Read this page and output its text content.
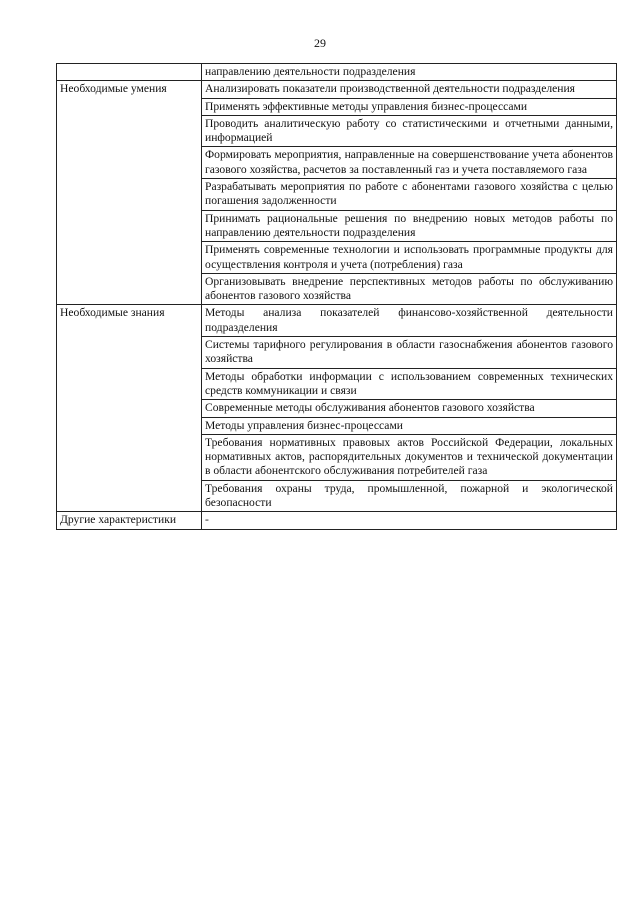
29
	направлению деятельности подразделения
Необходимые умения	Анализировать показатели производственной деятельности подразделения
	Применять эффективные методы управления бизнес-процессами
	Проводить аналитическую работу со статистическими и отчетными данными, информацией
	Формировать мероприятия, направленные на совершенствование учета абонентов газового хозяйства, расчетов за поставленный газ и учета поставляемого газа
	Разрабатывать мероприятия по работе с абонентами газового хозяйства с целью погашения задолженности
	Принимать рациональные решения по внедрению новых методов работы по направлению деятельности подразделения
	Применять современные технологии и использовать программные продукты для осуществления контроля и учета (потребления) газа
	Организовывать внедрение перспективных методов работы по обслуживанию абонентов газового хозяйства
Необходимые знания	Методы анализа показателей финансово-хозяйственной деятельности подразделения
	Системы тарифного регулирования в области газоснабжения абонентов газового хозяйства
	Методы обработки информации с использованием современных технических средств коммуникации и связи
	Современные методы обслуживания абонентов газового хозяйства
	Методы управления бизнес-процессами
	Требования нормативных правовых актов Российской Федерации, локальных нормативных актов, распорядительных документов и технической документации в области абонентского обслуживания потребителей газа
	Требования охраны труда, промышленной, пожарной и экологической безопасности
Другие характеристики	-
